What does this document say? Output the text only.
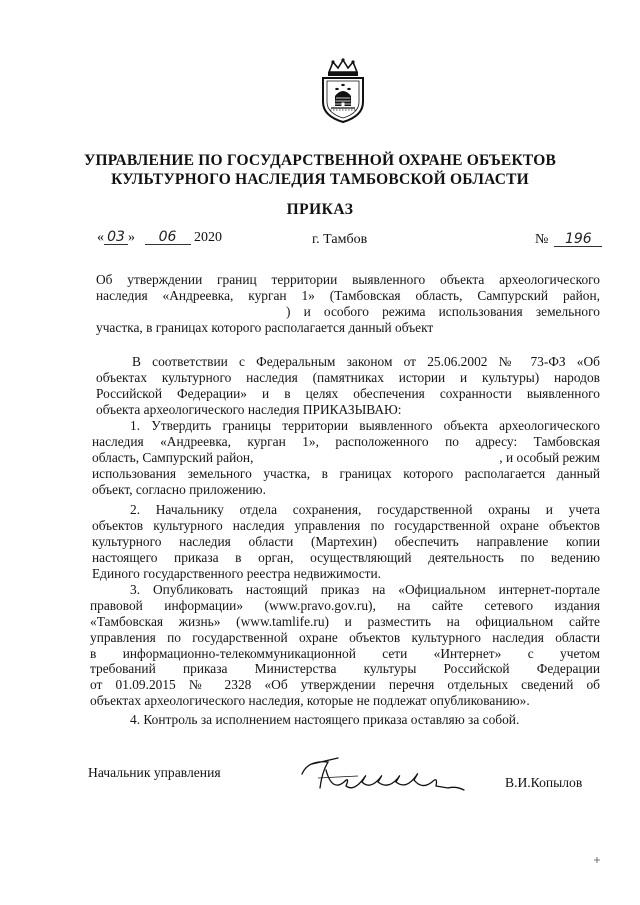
УПРАВЛЕНИЕ ПО ГОСУДАРСТВЕННОЙ ОХРАНЕ ОБЪЕКТОВ
КУЛЬТУРНОГО НАСЛЕДИЯ ТАМБОВСКОЙ ОБЛАСТИ
ПРИКАЗ
« 03 » 06 2020	г. Тамбов	№ 196
Об утверждении границ территории выявленного объекта археологического
наследия «Андреевка, курган 1» (Тамбовская область, Сампурский район,
) и особого режима использования земельного
участка, в границах которого располагается данный объект
В соответствии с Федеральным законом от 25.06.2002 № 73-ФЗ «Об
объектах культурного наследия (памятниках истории и культуры) народов
Российской Федерации» и в целях обеспечения сохранности выявленного
объекта археологического наследия ПРИКАЗЫВАЮ:
1. Утвердить границы территории выявленного объекта археологического
наследия «Андреевка, курган 1», расположенного по адресу: Тамбовская
область, Сампурский район,	, и особый режим
использования земельного участка, в границах которого располагается данный
объект, согласно приложению.
2. Начальнику отдела сохранения, государственной охраны и учета
объектов культурного наследия управления по государственной охране объектов
культурного наследия области (Мартехин) обеспечить направление копии
настоящего приказа в орган, осуществляющий деятельность по ведению
Единого государственного реестра недвижимости.
3. Опубликовать настоящий приказ на «Официальном интернет-портале
правовой информации» (www.pravo.gov.ru), на сайте сетевого издания
«Тамбовская жизнь» (www.tamlife.ru) и разместить на официальном сайте
управления по государственной охране объектов культурного наследия области
в информационно-телекоммуникационной сети «Интернет» с учетом
требований приказа Министерства культуры Российской Федерации
от 01.09.2015 № 2328 «Об утверждении перечня отдельных сведений об
объектах археологического наследия, которые не подлежат опубликованию».
4. Контроль за исполнением настоящего приказа оставляю за собой.
Начальник управления
В.И.Копылов
